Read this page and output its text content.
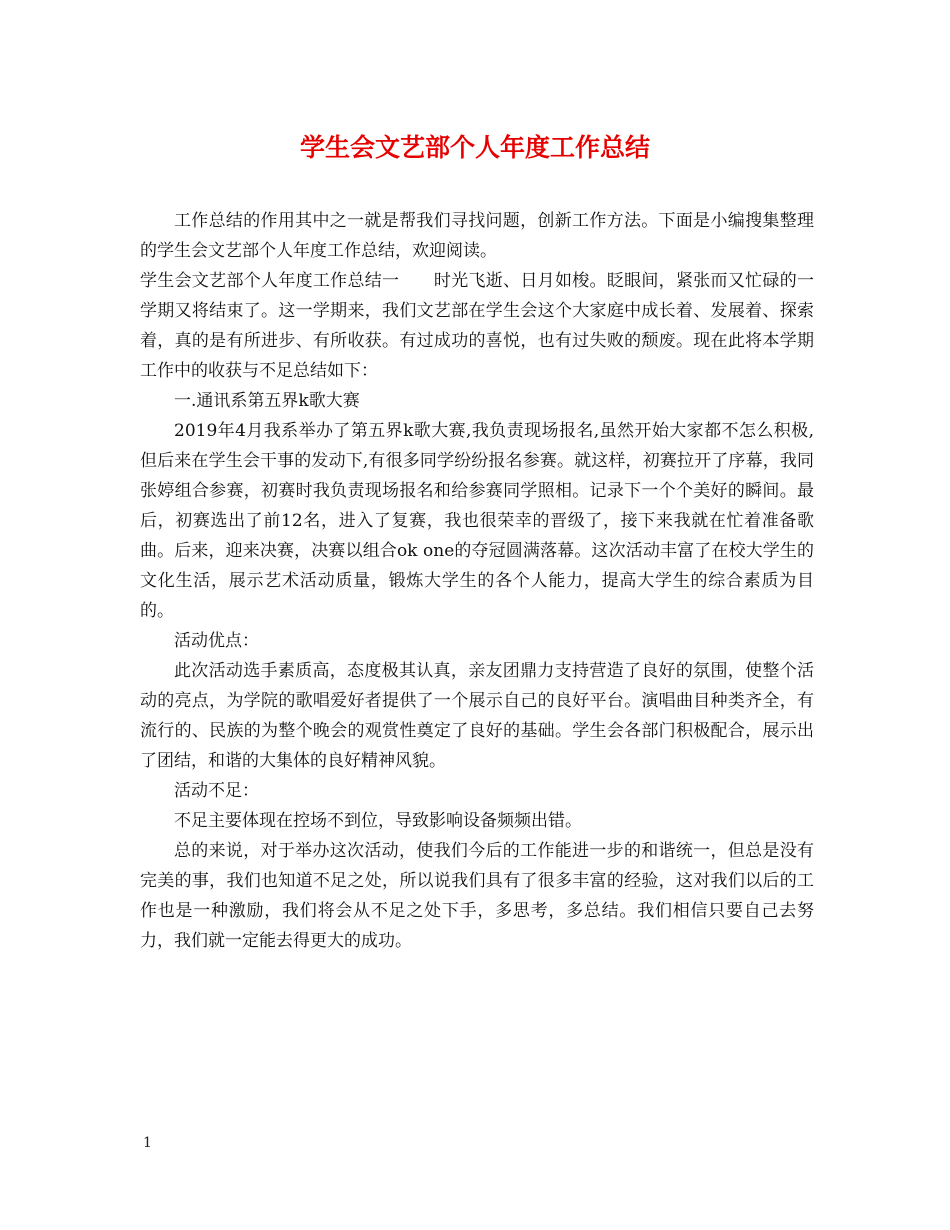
学生会文艺部个人年度工作总结

工作总结的作用其中之一就是帮我们寻找问题，创新工作方法。下面是小编搜集整理的学生会文艺部个人年度工作总结，欢迎阅读。

学生会文艺部个人年度工作总结一　　时光飞逝、日月如梭。眨眼间，紧张而又忙碌的一学期又将结束了。这一学期来，我们文艺部在学生会这个大家庭中成长着、发展着、探索着，真的是有所进步、有所收获。有过成功的喜悦，也有过失败的颓废。现在此将本学期工作中的收获与不足总结如下：

一.通讯系第五界k歌大赛

2019年4月我系举办了第五界k歌大赛,我负责现场报名,虽然开始大家都不怎么积极,但后来在学生会干事的发动下,有很多同学纷纷报名参赛。就这样，初赛拉开了序幕，我同张婷组合参赛，初赛时我负责现场报名和给参赛同学照相。记录下一个个美好的瞬间。最后，初赛选出了前12名，进入了复赛，我也很荣幸的晋级了，接下来我就在忙着准备歌曲。后来，迎来决赛，决赛以组合ok one的夺冠圆满落幕。这次活动丰富了在校大学生的文化生活，展示艺术活动质量，锻炼大学生的各个人能力，提高大学生的综合素质为目的。

活动优点：

此次活动选手素质高，态度极其认真，亲友团鼎力支持营造了良好的氛围，使整个活动的亮点，为学院的歌唱爱好者提供了一个展示自己的良好平台。演唱曲目种类齐全，有流行的、民族的为整个晚会的观赏性奠定了良好的基础。学生会各部门积极配合，展示出了团结，和谐的大集体的良好精神风貌。

活动不足：

不足主要体现在控场不到位，导致影响设备频频出错。

总的来说，对于举办这次活动，使我们今后的工作能进一步的和谐统一，但总是没有完美的事，我们也知道不足之处，所以说我们具有了很多丰富的经验，这对我们以后的工作也是一种激励，我们将会从不足之处下手，多思考，多总结。我们相信只要自己去努力，我们就一定能去得更大的成功。

1
